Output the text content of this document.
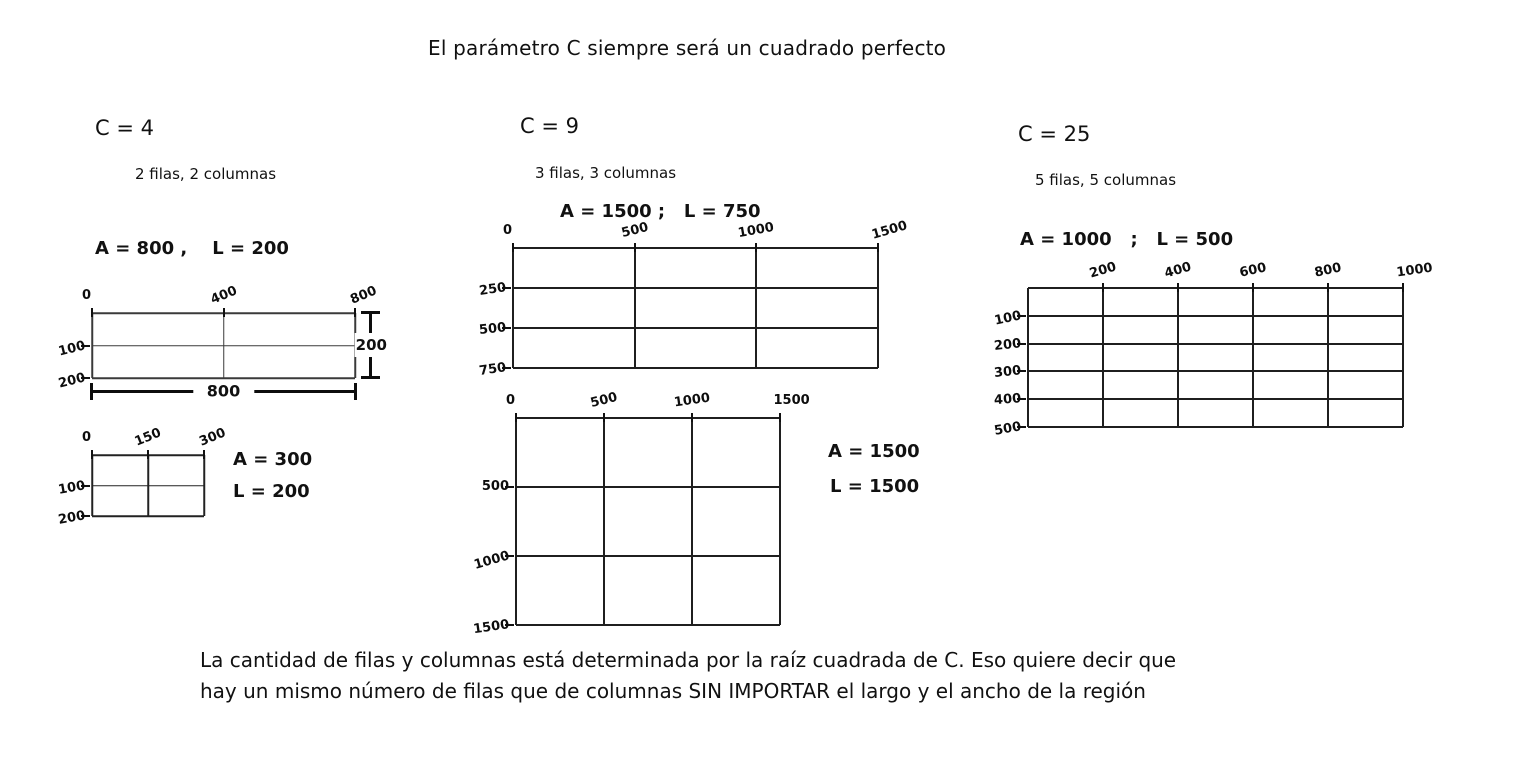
El parámetro C siempre será un cuadrado perfecto
C = 4
2 filas, 2 columnas
A = 800 ,    L = 200
0	400	800
100
200
200
800
0	150	300
100
200
A = 300
L = 200
C = 9
3 filas, 3 columnas
A = 1500 ;   L = 750
0	500	1000	1500
250
500
750
0	500	1000	1500
500
1000
1500
A = 1500
L = 1500
C = 25
5 filas, 5 columnas
A = 1000   ;   L = 500
200	400	600	800	1000
100
200
300
400
500
La cantidad de filas y columnas está determinada por la raíz cuadrada de C. Eso quiere decir que
hay un mismo número de filas que de columnas SIN IMPORTAR el largo y el ancho de la región
